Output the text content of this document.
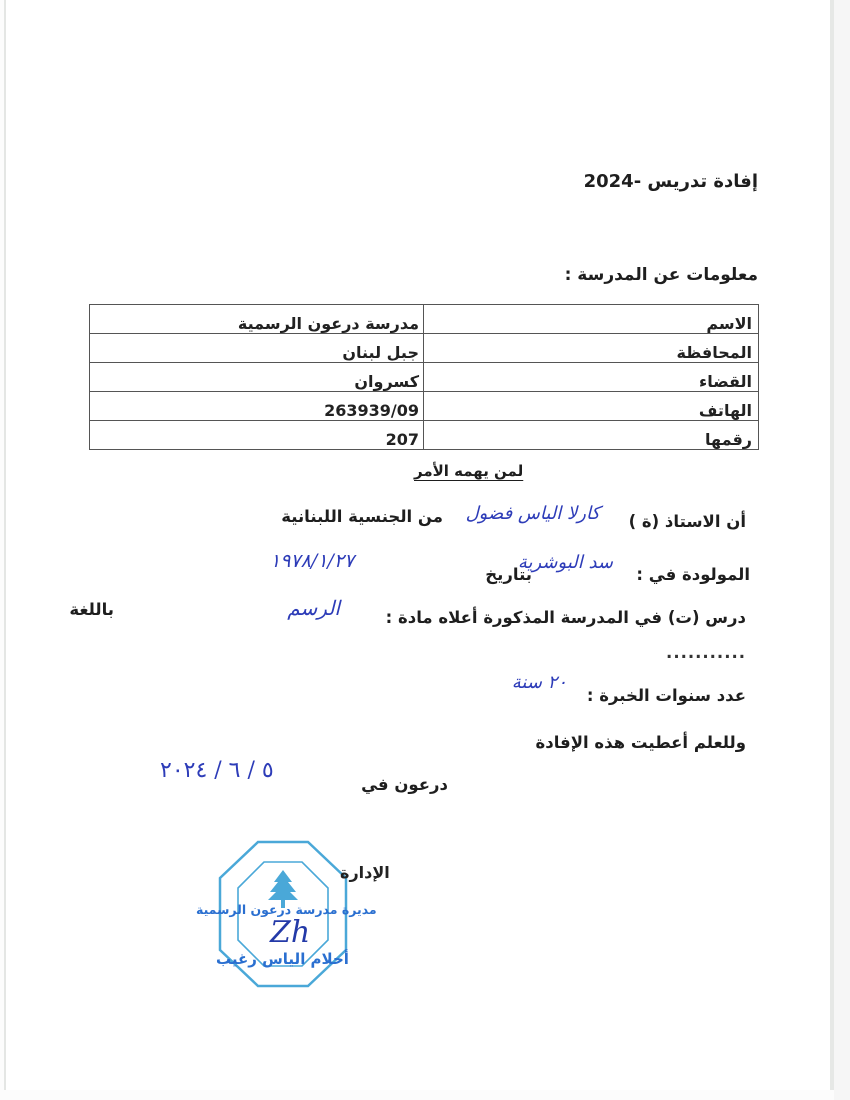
إفادة تدريس -2024
معلومات عن المدرسة :
الاسم	مدرسة درعون الرسمية
المحافظة	جبل لبنان
القضاء	كسروان
الهاتف	263939/09
رقمها	207
لمن يهمه الأمر
أن الاستاذ (ة )
كارلا الياس فضول
من الجنسية اللبنانية
المولودة في :
سد البوشرية
بتاريخ
١٩٧٨/١/٢٧
درس (ت) في المدرسة المذكورة أعلاه مادة :
الرسم
باللغة
...........
عدد سنوات الخبرة :
٢٠ سنة
وللعلم أعطيت هذه الإفادة
درعون في
٥ / ٦ / ٢٠٢٤
الإدارة
مديرة مدرسة درعون الرسمية
Zh
أحلام الياس رغيب
